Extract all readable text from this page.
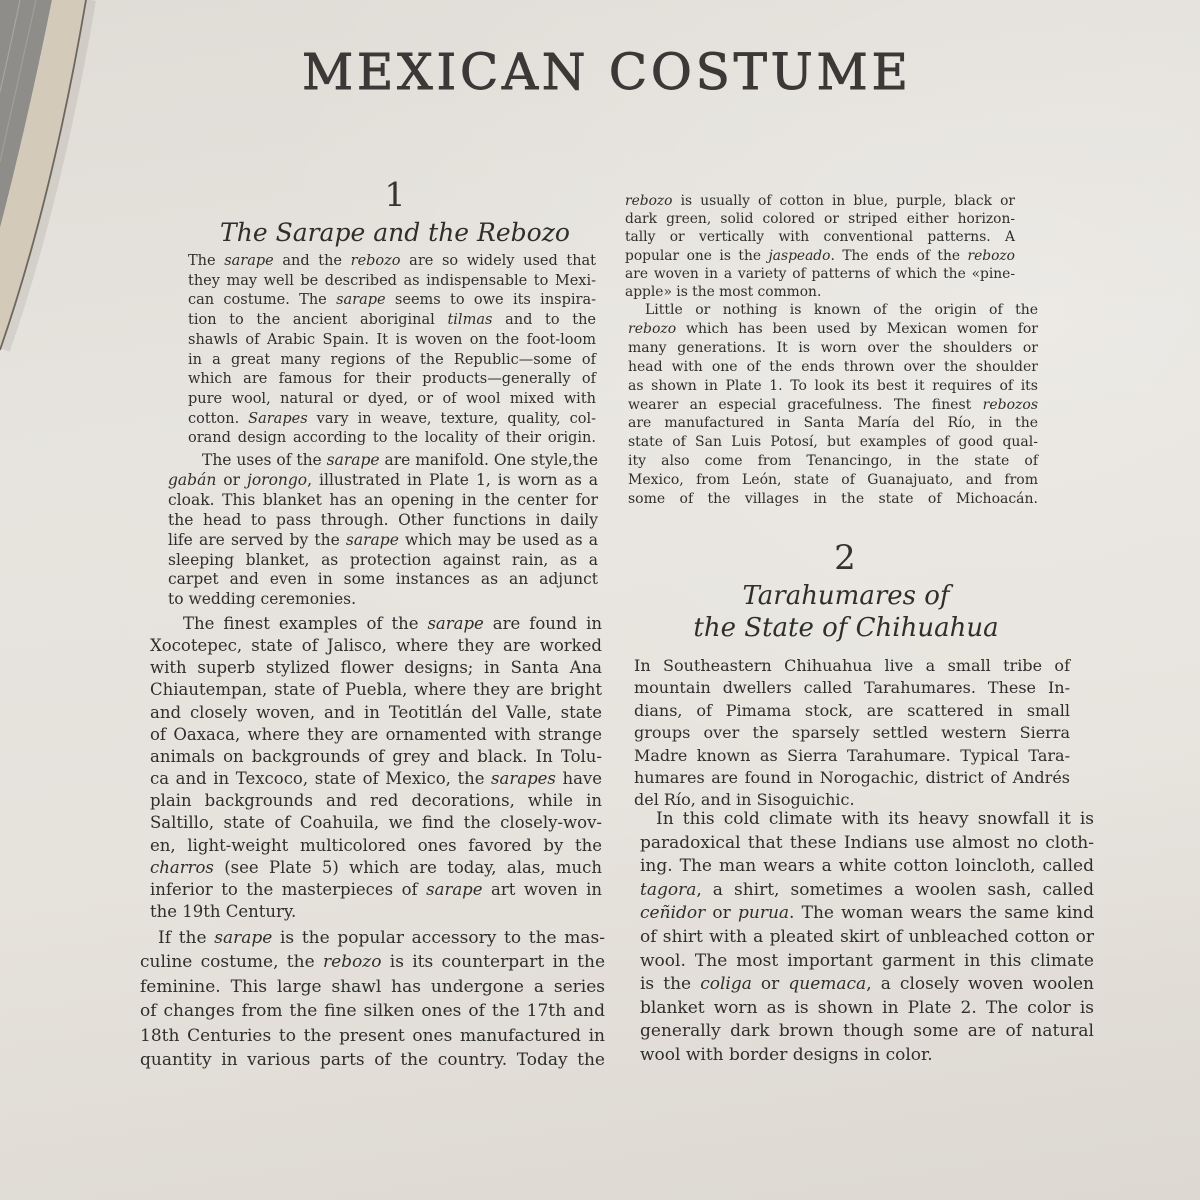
MEXICAN COSTUME
1
The Sarape and the Rebozo
The sarape and the rebozo are so widely used that
they may well be described as indispensable to Mexi-
can costume. The sarape seems to owe its inspira-
tion to the ancient aboriginal tilmas and to the
shawls of Arabic Spain. It is woven on the foot-loom
in a great many regions of the Republic—some of
which are famous for their products—generally of
pure wool, natural or dyed, or of wool mixed with
cotton. Sarapes vary in weave, texture, quality, col-
orand design according to the locality of their origin.
The uses of the sarape are manifold. One style,the
gabán or jorongo, illustrated in Plate 1, is worn as a
cloak. This blanket has an opening in the center for
the head to pass through. Other functions in daily
life are served by the sarape which may be used as a
sleeping blanket, as protection against rain, as a
carpet and even in some instances as an adjunct
to wedding ceremonies.
The finest examples of the sarape are found in
Xocotepec, state of Jalisco, where they are worked
with superb stylized flower designs; in Santa Ana
Chiautempan, state of Puebla, where they are bright
and closely woven, and in Teotitlán del Valle, state
of Oaxaca, where they are ornamented with strange
animals on backgrounds of grey and black. In Tolu-
ca and in Texcoco, state of Mexico, the sarapes have
plain backgrounds and red decorations, while in
Saltillo, state of Coahuila, we find the closely-wov-
en, light-weight multicolored ones favored by the
charros (see Plate 5) which are today, alas, much
inferior to the masterpieces of sarape art woven in
the 19th Century.
If the sarape is the popular accessory to the mas-
culine costume, the rebozo is its counterpart in the
feminine. This large shawl has undergone a series
of changes from the fine silken ones of the 17th and
18th Centuries to the present ones manufactured in
quantity in various parts of the country. Today the
rebozo is usually of cotton in blue, purple, black or
dark green, solid colored or striped either horizon-
tally or vertically with conventional patterns. A
popular one is the jaspeado. The ends of the rebozo
are woven in a variety of patterns of which the «pine-
apple» is the most common.
Little or nothing is known of the origin of the
rebozo which has been used by Mexican women for
many generations. It is worn over the shoulders or
head with one of the ends thrown over the shoulder
as shown in Plate 1. To look its best it requires of its
wearer an especial gracefulness. The finest rebozos
are manufactured in Santa María del Río, in the
state of San Luis Potosí, but examples of good qual-
ity also come from Tenancingo, in the state of
Mexico, from León, state of Guanajuato, and from
some of the villages in the state of Michoacán.
2
Tarahumares of
the State of Chihuahua
In Southeastern Chihuahua live a small tribe of
mountain dwellers called Tarahumares. These In-
dians, of Pimama stock, are scattered in small
groups over the sparsely settled western Sierra
Madre known as Sierra Tarahumare. Typical Tara-
humares are found in Norogachic, district of Andrés
del Río, and in Sisoguichic.
In this cold climate with its heavy snowfall it is
paradoxical that these Indians use almost no cloth-
ing. The man wears a white cotton loincloth, called
tagora, a shirt, sometimes a woolen sash, called
ceñidor or purua. The woman wears the same kind
of shirt with a pleated skirt of unbleached cotton or
wool. The most important garment in this climate
is the coliga or quemaca, a closely woven woolen
blanket worn as is shown in Plate 2. The color is
generally dark brown though some are of natural
wool with border designs in color.
